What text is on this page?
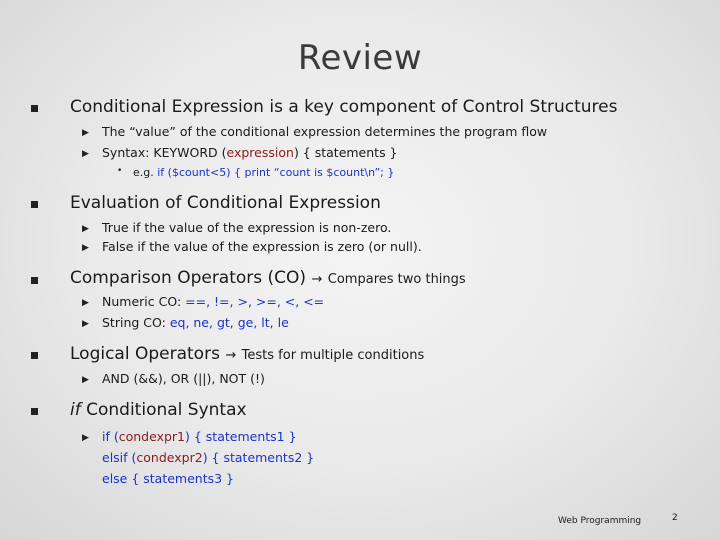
Review
Conditional Expression is a key component of Control Structures
▶ The “value” of the conditional expression determines the program flow
▶ Syntax: KEYWORD (expression) { statements }
• e.g. if ($count<5) { print “count is $count\n”; }
Evaluation of Conditional Expression
▶ True if the value of the expression is non-zero.
▶ False if the value of the expression is zero (or null).
Comparison Operators (CO) → Compares two things
▶ Numeric CO: ==, !=, >, >=, <, <=
▶ String CO: eq, ne, gt, ge, lt, le
Logical Operators → Tests for multiple conditions
▶ AND (&&), OR (||), NOT (!)
if Conditional Syntax
▶ if (condexpr1) { statements1 }
elsif (condexpr2) { statements2 }
else { statements3 }
Web Programming	2
